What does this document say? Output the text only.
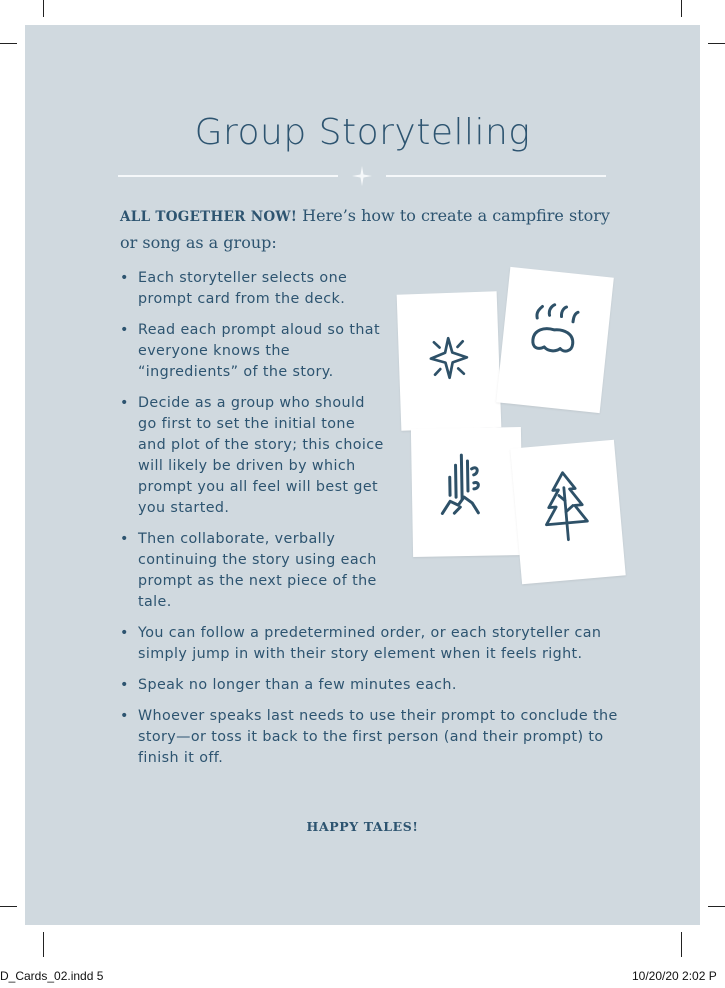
Group Storytelling
ALL TOGETHER NOW! Here’s how to create a campfire story or song as a group:
• Each storyteller selects one prompt card from the deck.
• Read each prompt aloud so that everyone knows the “ingredients” of the story.
• Decide as a group who should go first to set the initial tone and plot of the story; this choice will likely be driven by which prompt you all feel will best get you started.
• Then collaborate, verbally continuing the story using each prompt as the next piece of the tale.
• You can follow a predetermined order, or each storyteller can simply jump in with their story element when it feels right.
• Speak no longer than a few minutes each.
• Whoever speaks last needs to use their prompt to conclude the story—or toss it back to the first person (and their prompt) to finish it off.
HAPPY TALES!
D_Cards_02.indd 5	10/20/20 2:02 P
